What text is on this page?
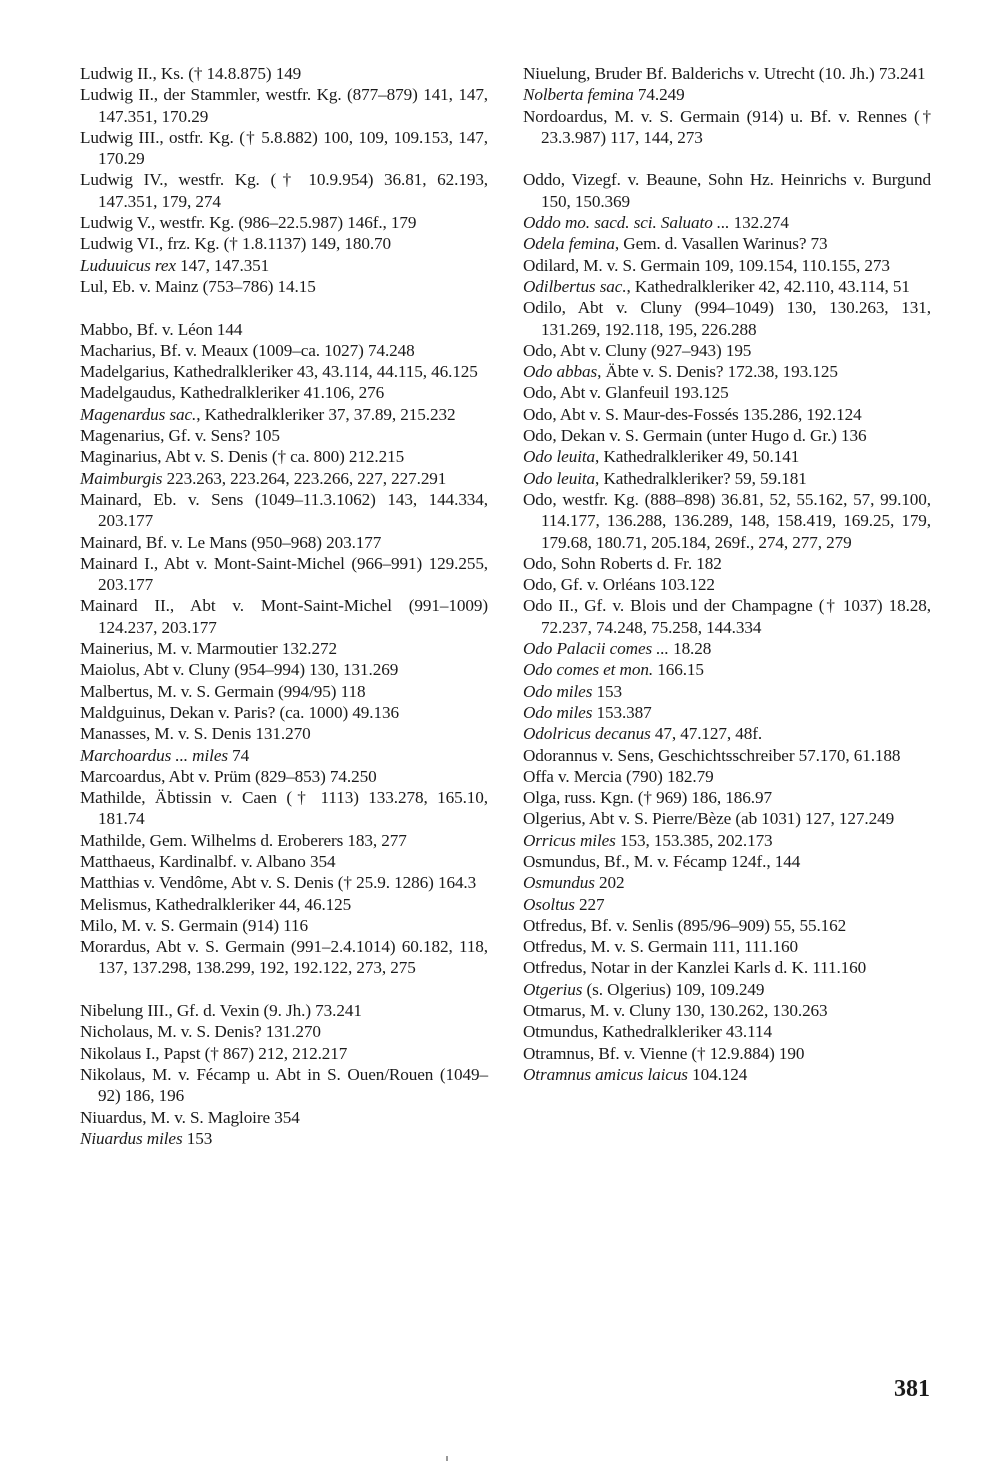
Ludwig II., Ks. († 14.8.875) 149
Ludwig II., der Stammler, westfr. Kg. (877–879) 141, 147, 147.351, 170.29
Ludwig III., ostfr. Kg. († 5.8.882) 100, 109, 109.153, 147, 170.29
Ludwig IV., westfr. Kg. († 10.9.954) 36.81, 62.193, 147.351, 179, 274
Ludwig V., westfr. Kg. (986–22.5.987) 146f., 179
Ludwig VI., frz. Kg. († 1.8.1137) 149, 180.70
Luduuicus rex 147, 147.351
Lul, Eb. v. Mainz (753–786) 14.15
Mabbo, Bf. v. Léon 144
Macharius, Bf. v. Meaux (1009–ca. 1027) 74.248
Madelgarius, Kathedralkleriker 43, 43.114, 44.115, 46.125
Madelgaudus, Kathedralkleriker 41.106, 276
Magenardus sac., Kathedralkleriker 37, 37.89, 215.232
Magenarius, Gf. v. Sens? 105
Maginarius, Abt v. S. Denis († ca. 800) 212.215
Maimburgis 223.263, 223.264, 223.266, 227, 227.291
Mainard, Eb. v. Sens (1049–11.3.1062) 143, 144.334, 203.177
Mainard, Bf. v. Le Mans (950–968) 203.177
Mainard I., Abt v. Mont-Saint-Michel (966–991) 129.255, 203.177
Mainard II., Abt v. Mont-Saint-Michel (991–1009) 124.237, 203.177
Mainerius, M. v. Marmoutier 132.272
Maiolus, Abt v. Cluny (954–994) 130, 131.269
Malbertus, M. v. S. Germain (994/95) 118
Maldguinus, Dekan v. Paris? (ca. 1000) 49.136
Manasses, M. v. S. Denis 131.270
Marchoardus ... miles 74
Marcoardus, Abt v. Prüm (829–853) 74.250
Mathilde, Äbtissin v. Caen († 1113) 133.278, 165.10, 181.74
Mathilde, Gem. Wilhelms d. Eroberers 183, 277
Matthaeus, Kardinalbf. v. Albano 354
Matthias v. Vendôme, Abt v. S. Denis († 25.9. 1286) 164.3
Melismus, Kathedralkleriker 44, 46.125
Milo, M. v. S. Germain (914) 116
Morardus, Abt v. S. Germain (991–2.4.1014) 60.182, 118, 137, 137.298, 138.299, 192, 192.122, 273, 275
Nibelung III., Gf. d. Vexin (9. Jh.) 73.241
Nicholaus, M. v. S. Denis? 131.270
Nikolaus I., Papst († 867) 212, 212.217
Nikolaus, M. v. Fécamp u. Abt in S. Ouen/Rouen (1049–92) 186, 196
Niuardus, M. v. S. Magloire 354
Niuardus miles 153
Niuelung, Bruder Bf. Balderichs v. Utrecht (10. Jh.) 73.241
Nolberta femina 74.249
Nordoardus, M. v. S. Germain (914) u. Bf. v. Rennes († 23.3.987) 117, 144, 273
Oddo, Vizegf. v. Beaune, Sohn Hz. Heinrichs v. Burgund 150, 150.369
Oddo mo. sacd. sci. Saluato ... 132.274
Odela femina, Gem. d. Vasallen Warinus? 73
Odilard, M. v. S. Germain 109, 109.154, 110.155, 273
Odilbertus sac., Kathedralkleriker 42, 42.110, 43.114, 51
Odilo, Abt v. Cluny (994–1049) 130, 130.263, 131, 131.269, 192.118, 195, 226.288
Odo, Abt v. Cluny (927–943) 195
Odo abbas, Äbte v. S. Denis? 172.38, 193.125
Odo, Abt v. Glanfeuil 193.125
Odo, Abt v. S. Maur-des-Fossés 135.286, 192.124
Odo, Dekan v. S. Germain (unter Hugo d. Gr.) 136
Odo leuita, Kathedralkleriker 49, 50.141
Odo leuita, Kathedralkleriker? 59, 59.181
Odo, westfr. Kg. (888–898) 36.81, 52, 55.162, 57, 99.100, 114.177, 136.288, 136.289, 148, 158.419, 169.25, 179, 179.68, 180.71, 205.184, 269f., 274, 277, 279
Odo, Sohn Roberts d. Fr. 182
Odo, Gf. v. Orléans 103.122
Odo II., Gf. v. Blois und der Champagne († 1037) 18.28, 72.237, 74.248, 75.258, 144.334
Odo Palacii comes ... 18.28
Odo comes et mon. 166.15
Odo miles 153
Odo miles 153.387
Odolricus decanus 47, 47.127, 48f.
Odorannus v. Sens, Geschichtsschreiber 57.170, 61.188
Offa v. Mercia (790) 182.79
Olga, russ. Kgn. († 969) 186, 186.97
Olgerius, Abt v. S. Pierre/Bèze (ab 1031) 127, 127.249
Orricus miles 153, 153.385, 202.173
Osmundus, Bf., M. v. Fécamp 124f., 144
Osmundus 202
Osoltus 227
Otfredus, Bf. v. Senlis (895/96–909) 55, 55.162
Otfredus, M. v. S. Germain 111, 111.160
Otfredus, Notar in der Kanzlei Karls d. K. 111.160
Otgerius (s. Olgerius) 109, 109.249
Otmarus, M. v. Cluny 130, 130.262, 130.263
Otmundus, Kathedralkleriker 43.114
Otramnus, Bf. v. Vienne († 12.9.884) 190
Otramnus amicus laicus 104.124
381
